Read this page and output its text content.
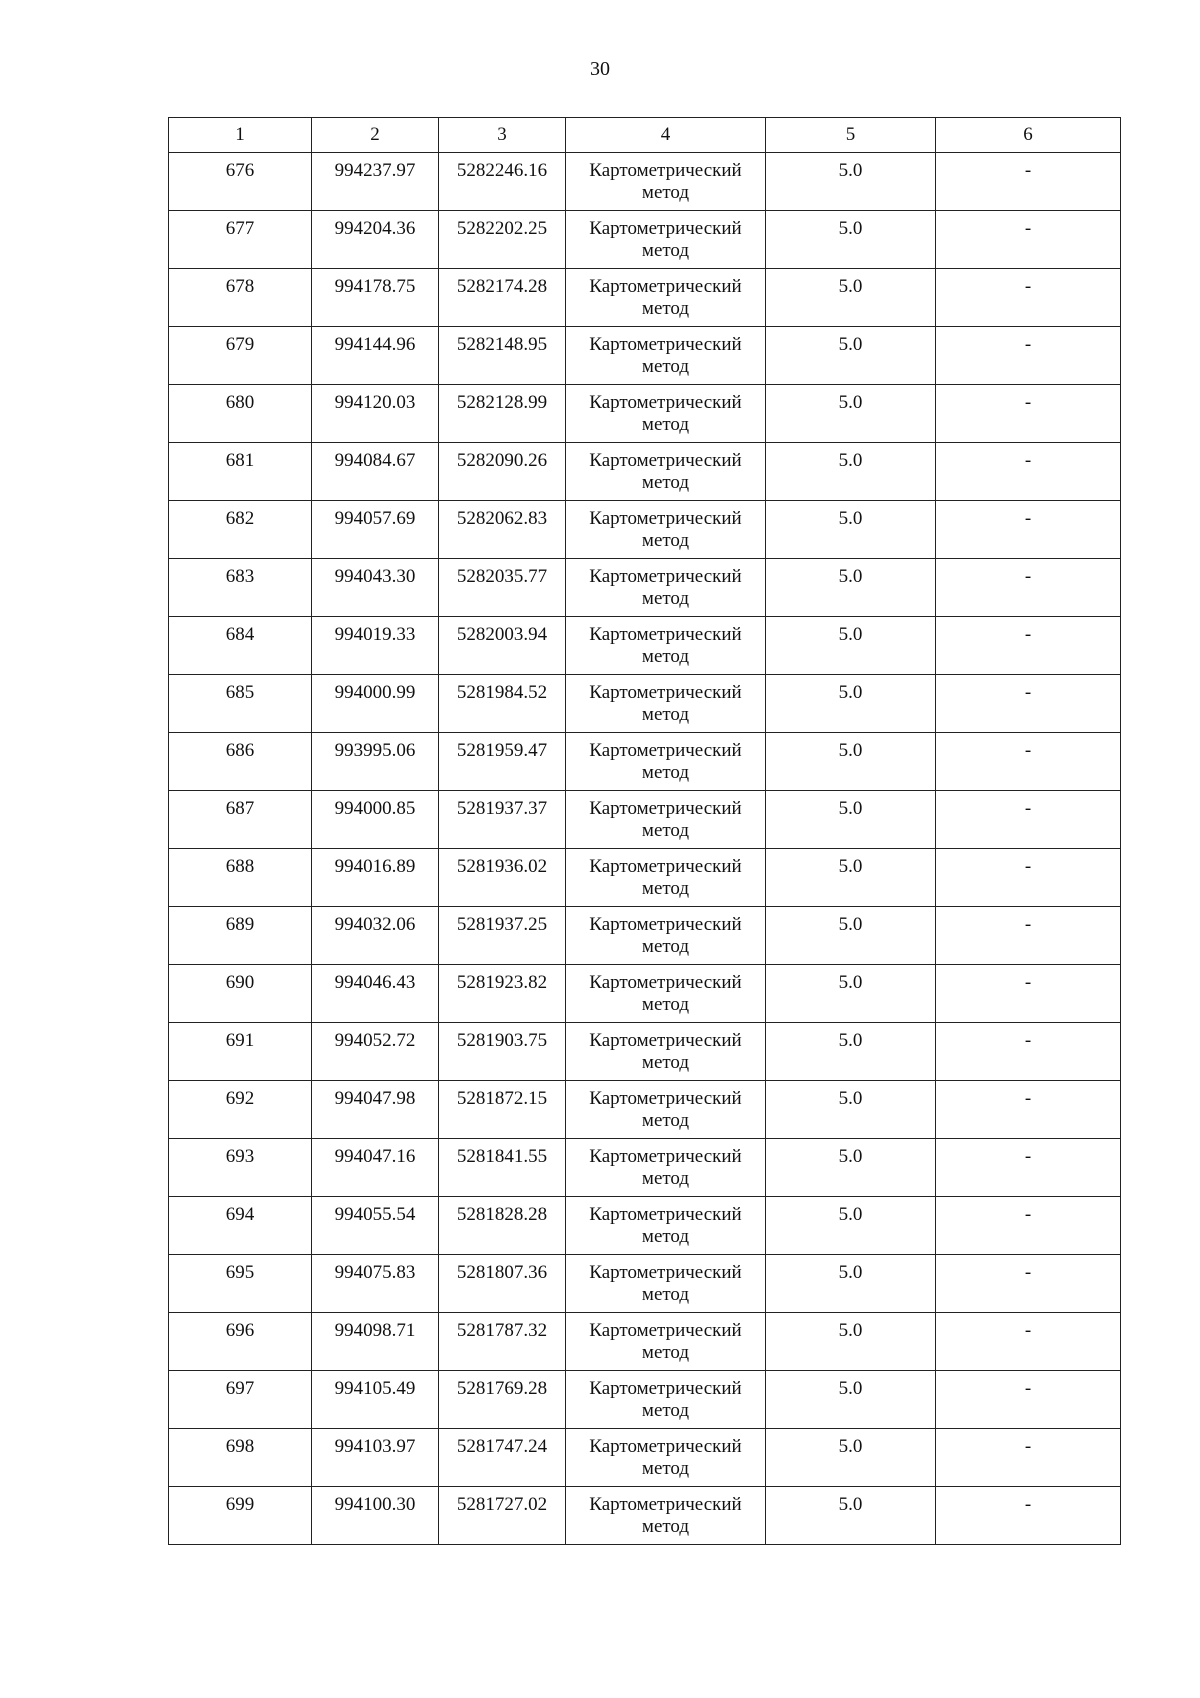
30
1	2	3	4	5	6
676	994237.97	5282246.16	Картометрический метод	5.0	-
677	994204.36	5282202.25	Картометрический метод	5.0	-
678	994178.75	5282174.28	Картометрический метод	5.0	-
679	994144.96	5282148.95	Картометрический метод	5.0	-
680	994120.03	5282128.99	Картометрический метод	5.0	-
681	994084.67	5282090.26	Картометрический метод	5.0	-
682	994057.69	5282062.83	Картометрический метод	5.0	-
683	994043.30	5282035.77	Картометрический метод	5.0	-
684	994019.33	5282003.94	Картометрический метод	5.0	-
685	994000.99	5281984.52	Картометрический метод	5.0	-
686	993995.06	5281959.47	Картометрический метод	5.0	-
687	994000.85	5281937.37	Картометрический метод	5.0	-
688	994016.89	5281936.02	Картометрический метод	5.0	-
689	994032.06	5281937.25	Картометрический метод	5.0	-
690	994046.43	5281923.82	Картометрический метод	5.0	-
691	994052.72	5281903.75	Картометрический метод	5.0	-
692	994047.98	5281872.15	Картометрический метод	5.0	-
693	994047.16	5281841.55	Картометрический метод	5.0	-
694	994055.54	5281828.28	Картометрический метод	5.0	-
695	994075.83	5281807.36	Картометрический метод	5.0	-
696	994098.71	5281787.32	Картометрический метод	5.0	-
697	994105.49	5281769.28	Картометрический метод	5.0	-
698	994103.97	5281747.24	Картометрический метод	5.0	-
699	994100.30	5281727.02	Картометрический метод	5.0	-
